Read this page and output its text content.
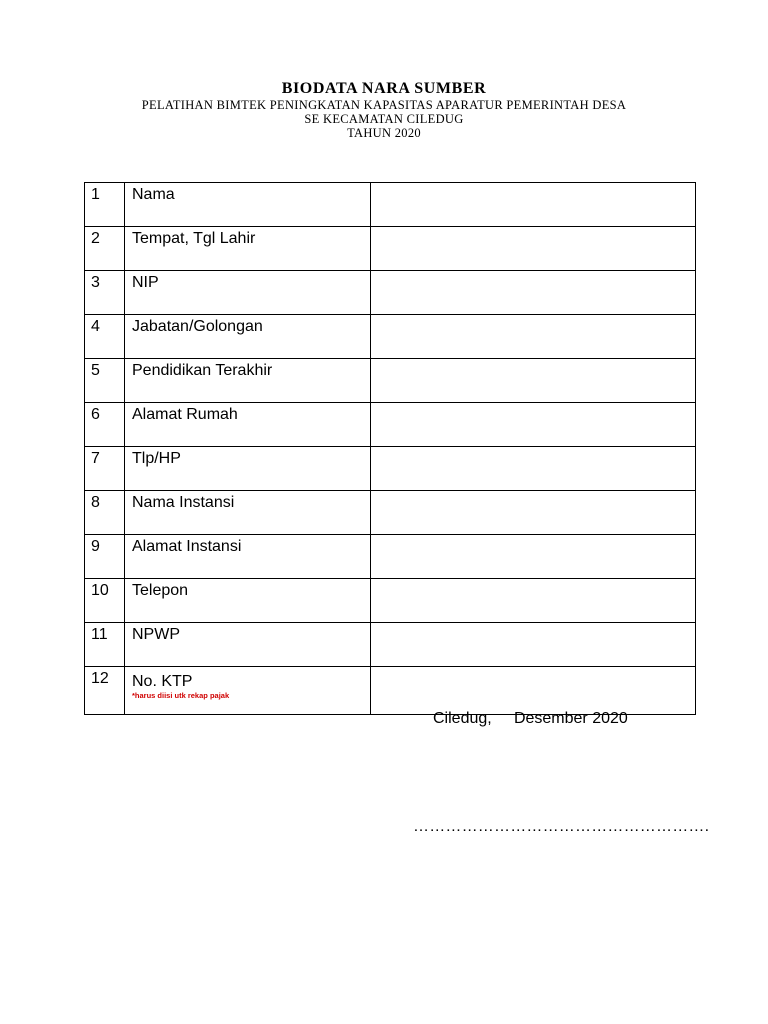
BIODATA NARA SUMBER
PELATIHAN BIMTEK PENINGKATAN KAPASITAS APARATUR PEMERINTAH DESA
SE KECAMATAN CILEDUG
TAHUN 2020
1	Nama	
2	Tempat, Tgl Lahir	
3	NIP	
4	Jabatan/Golongan	
5	Pendidikan Terakhir	
6	Alamat Rumah	
7	Tlp/HP	
8	Nama Instansi	
9	Alamat Instansi	
10	Telepon	
11	NPWP	
12	No. KTP
*harus diisi utk rekap pajak	

Ciledug, Desember 2020
……………………………………………….
